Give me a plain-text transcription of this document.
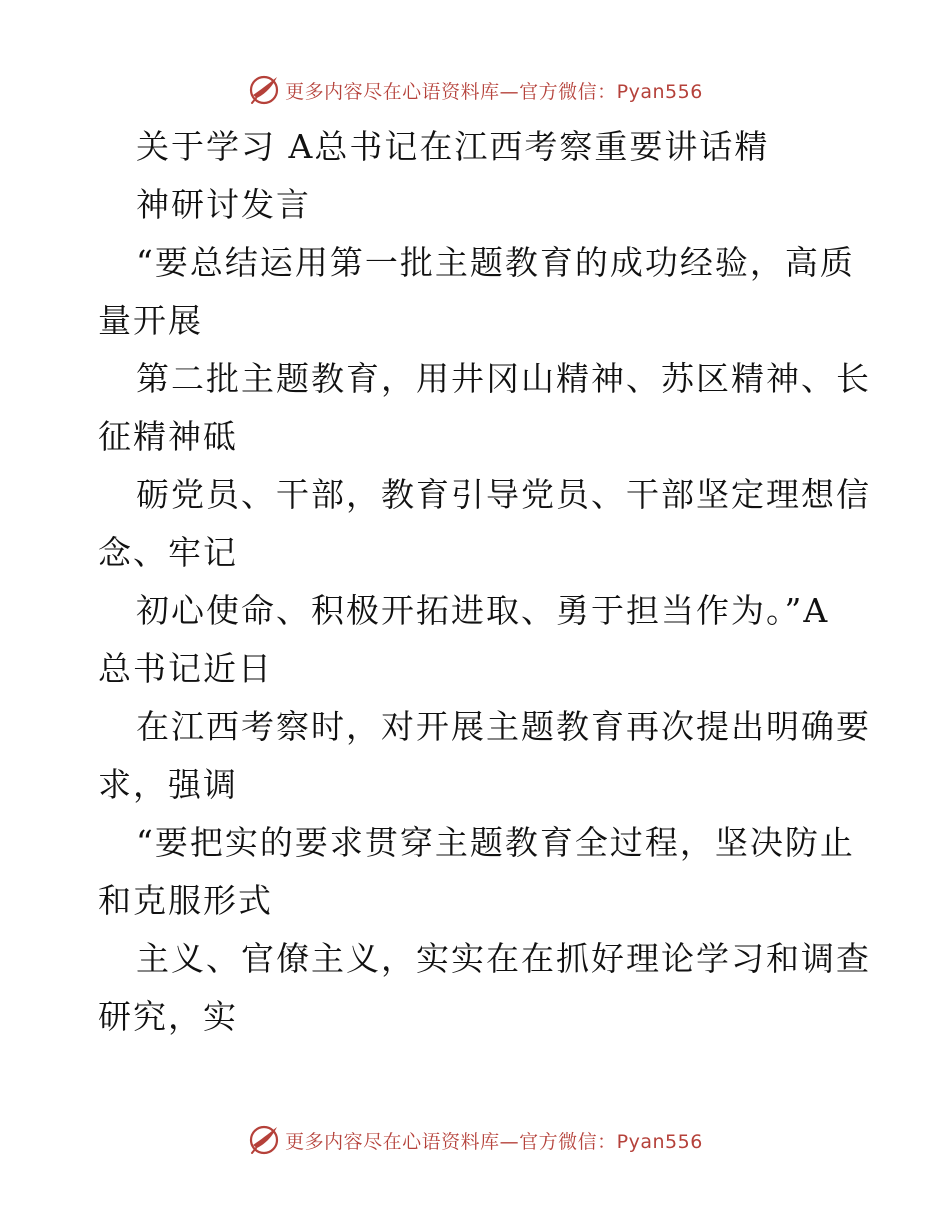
更多内容尽在心语资料库—官方微信：Pyan556
关于学习 A总书记在江西考察重要讲话精
神研讨发言
“要总结运用第一批主题教育的成功经验，高质
量开展
第二批主题教育，用井冈山精神、苏区精神、长
征精神砥
砺党员、干部，教育引导党员、干部坚定理想信
念、牢记
初心使命、积极开拓进取、勇于担当作为。”A
总书记近日
在江西考察时，对开展主题教育再次提出明确要
求，强调
“要把实的要求贯穿主题教育全过程，坚决防止
和克服形式
主义、官僚主义，实实在在抓好理论学习和调查
研究，实
更多内容尽在心语资料库—官方微信：Pyan556
